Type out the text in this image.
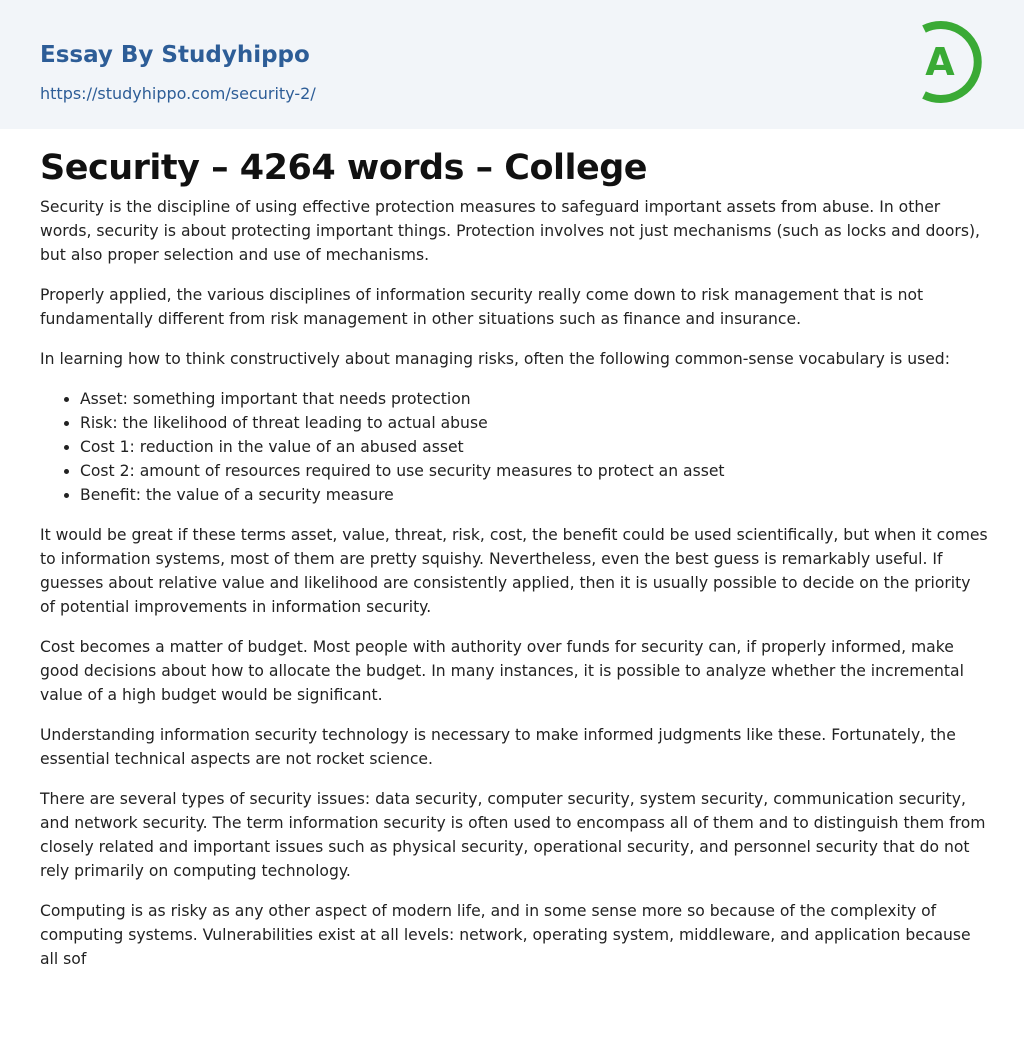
Essay By Studyhippo
https://studyhippo.com/security-2/
A
Security – 4264 words – College

Security is the discipline of using effective protection measures to safeguard important assets from abuse. In other words, security is about protecting important things. Protection involves not just mechanisms (such as locks and doors), but also proper selection and use of mechanisms.

Properly applied, the various disciplines of information security really come down to risk management that is not fundamentally different from risk management in other situations such as finance and insurance.

In learning how to think constructively about managing risks, often the following common-sense vocabulary is used:

• Asset: something important that needs protection
• Risk: the likelihood of threat leading to actual abuse
• Cost 1: reduction in the value of an abused asset
• Cost 2: amount of resources required to use security measures to protect an asset
• Benefit: the value of a security measure

It would be great if these terms asset, value, threat, risk, cost, the benefit could be used scientifically, but when it comes to information systems, most of them are pretty squishy. Nevertheless, even the best guess is remarkably useful. If guesses about relative value and likelihood are consistently applied, then it is usually possible to decide on the priority of potential improvements in information security.

Cost becomes a matter of budget. Most people with authority over funds for security can, if properly informed, make good decisions about how to allocate the budget. In many instances, it is possible to analyze whether the incremental value of a high budget would be significant.

Understanding information security technology is necessary to make informed judgments like these. Fortunately, the essential technical aspects are not rocket science.

There are several types of security issues: data security, computer security, system security, communication security, and network security. The term information security is often used to encompass all of them and to distinguish them from closely related and important issues such as physical security, operational security, and personnel security that do not rely primarily on computing technology.

Computing is as risky as any other aspect of modern life, and in some sense more so because of the complexity of computing systems. Vulnerabilities exist at all levels: network, operating system, middleware, and application because all sof
